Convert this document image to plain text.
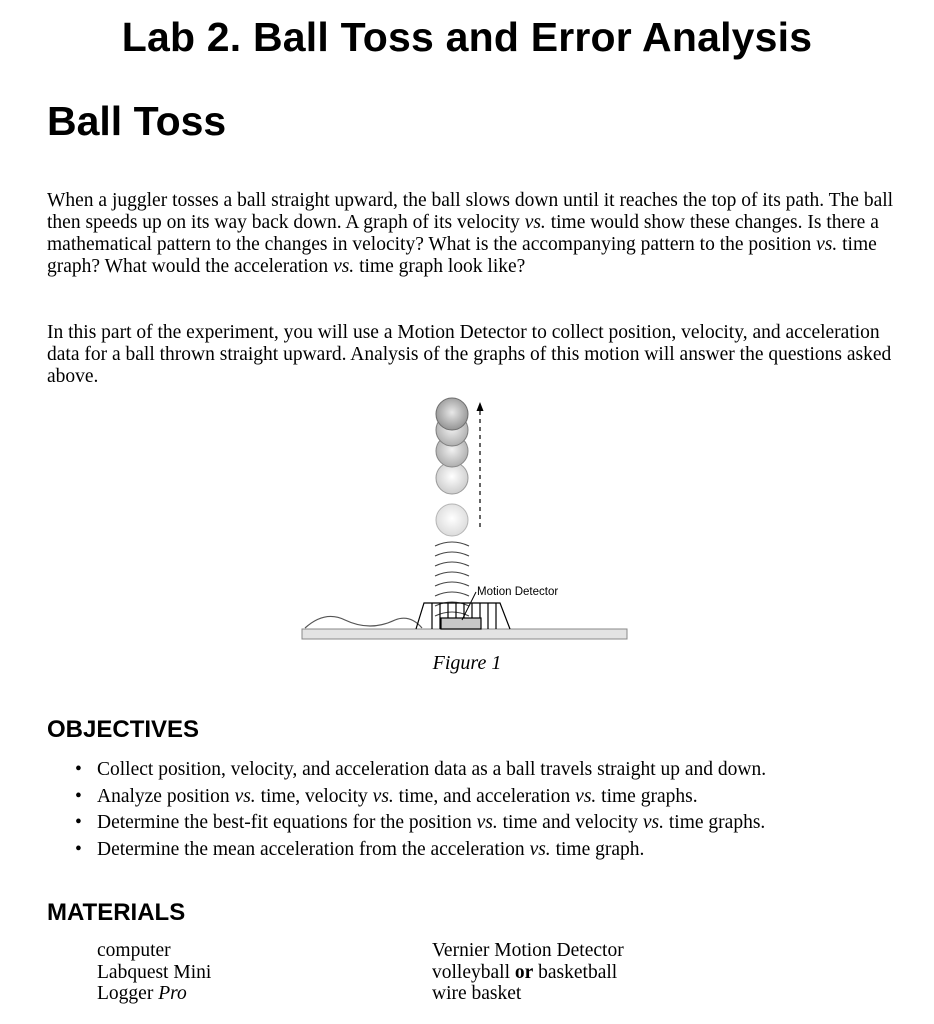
Lab 2. Ball Toss and Error Analysis
Ball Toss

When a juggler tosses a ball straight upward, the ball slows down until it reaches the top of its path. The ball then speeds up on its way back down. A graph of its velocity vs. time would show these changes. Is there a mathematical pattern to the changes in velocity? What is the accompanying pattern to the position vs. time graph? What would the acceleration vs. time graph look like?

In this part of the experiment, you will use a Motion Detector to collect position, velocity, and acceleration data for a ball thrown straight upward. Analysis of the graphs of this motion will answer the questions asked above.

Motion Detector
Figure 1
OBJECTIVES
• Collect position, velocity, and acceleration data as a ball travels straight up and down.
• Analyze position vs. time, velocity vs. time, and acceleration vs. time graphs.
• Determine the best-fit equations for the position vs. time and velocity vs. time graphs.
• Determine the mean acceleration from the acceleration vs. time graph.
MATERIALS
computer
Labquest Mini
Logger Pro
Vernier Motion Detector
volleyball or basketball
wire basket
